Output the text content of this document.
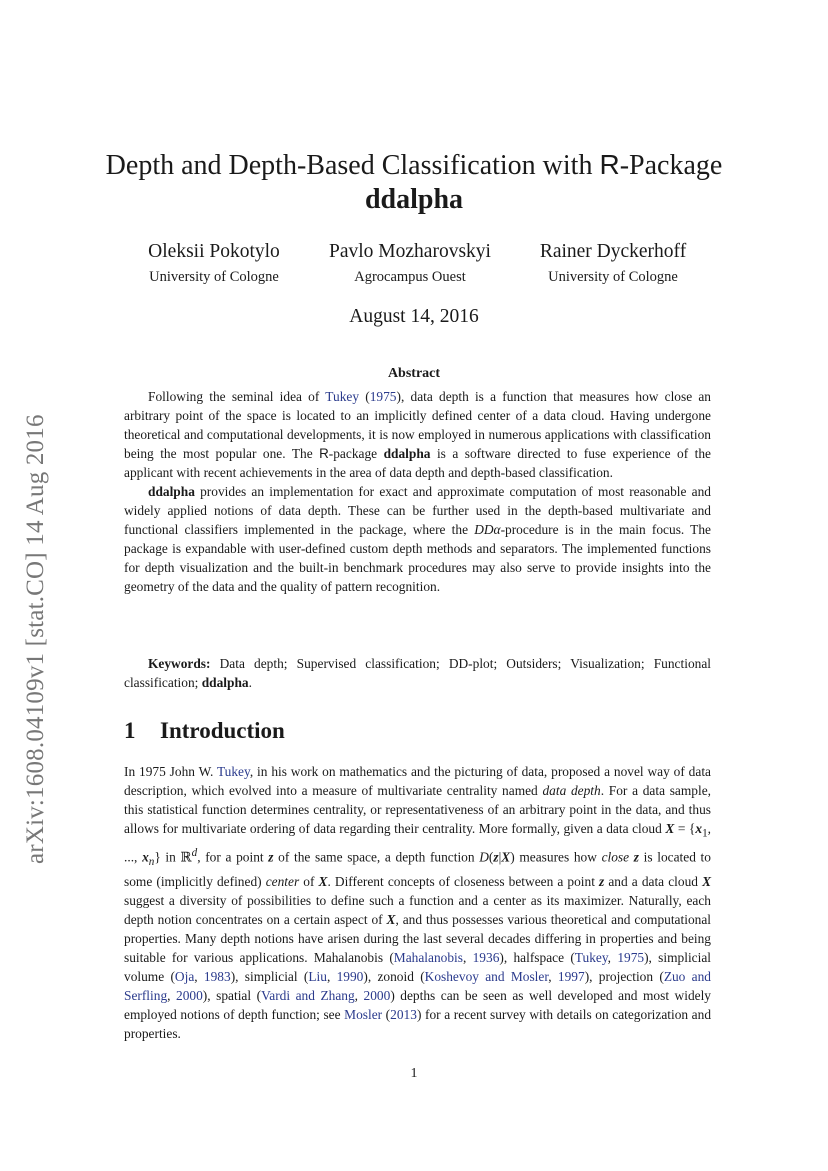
arXiv:1608.04109v1 [stat.CO] 14 Aug 2016
Depth and Depth-Based Classification with R-Package
ddalpha
Oleksii Pokotylo
University of Cologne
Pavlo Mozharovskyi
Agrocampus Ouest
Rainer Dyckerhoff
University of Cologne
August 14, 2016
Abstract

Following the seminal idea of Tukey (1975), data depth is a function that measures how close an arbitrary point of the space is located to an implicitly defined center of a data cloud. Having undergone theoretical and computational developments, it is now employed in numerous applications with classification being the most popular one. The R-package ddalpha is a software directed to fuse experience of the applicant with recent achievements in the area of data depth and depth-based classification.

ddalpha provides an implementation for exact and approximate computation of most reasonable and widely applied notions of data depth. These can be further used in the depth-based multivariate and functional classifiers implemented in the package, where the DDα-procedure is in the main focus. The package is expandable with user-defined custom depth methods and separators. The implemented functions for depth visualization and the built-in benchmark procedures may also serve to provide insights into the geometry of the data and the quality of pattern recognition.

Keywords: Data depth; Supervised classification; DD-plot; Outsiders; Visualization; Functional classification; ddalpha.

1 Introduction

In 1975 John W. Tukey, in his work on mathematics and the picturing of data, proposed a novel way of data description, which evolved into a measure of multivariate centrality named data depth. For a data sample, this statistical function determines centrality, or representativeness of an arbitrary point in the data, and thus allows for multivariate ordering of data regarding their centrality. More formally, given a data cloud $X = \{x_1$, ..., $x_n$} in ℝ$^d$, for a point z of the same space, a depth function D(z|X) measures how close z is located to some (implicitly defined) center of X. Different concepts of closeness between a point z and a data cloud X suggest a diversity of possibilities to define such a function and a center as its maximizer. Naturally, each depth notion concentrates on a certain aspect of X, and thus possesses various theoretical and computational properties. Many depth notions have arisen during the last several decades differing in properties and being suitable for various applications. Mahalanobis (Mahalanobis, 1936), halfspace (Tukey, 1975), simplicial volume (Oja, 1983), simplicial (Liu, 1990), zonoid (Koshevoy and Mosler, 1997), projection (Zuo and Serfling, 2000), spatial (Vardi and Zhang, 2000) depths can be seen as well developed and most widely employed notions of depth function; see Mosler (2013) for a recent survey with details on categorization and properties.

1
